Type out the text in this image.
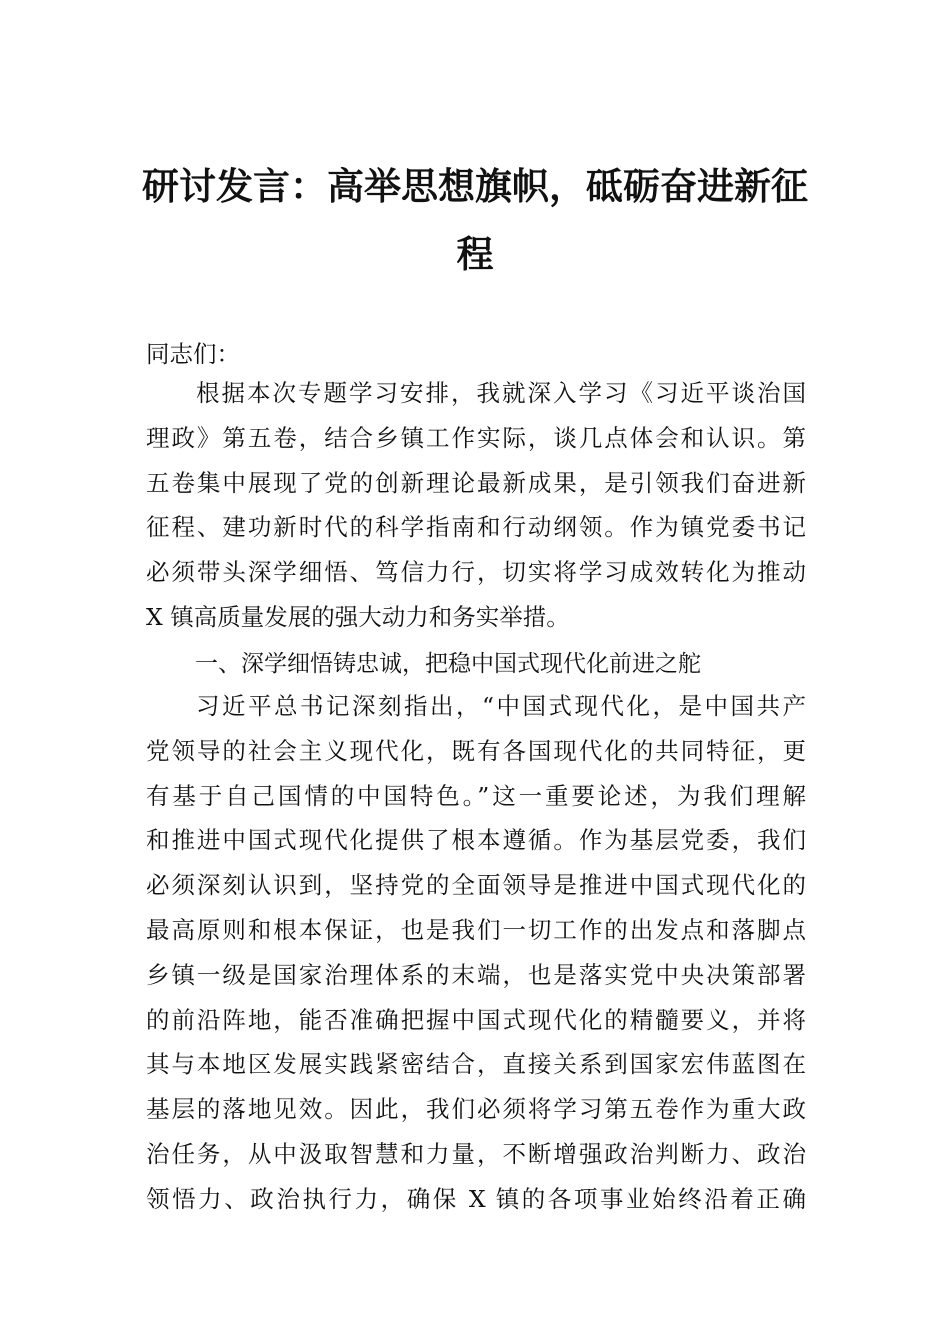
研讨发言：高举思想旗帜，砥砺奋进新征
程
同志们：
根据本次专题学习安排，我就深入学习《习近平谈治国
理政》第五卷，结合乡镇工作实际，谈几点体会和认识。第
五卷集中展现了党的创新理论最新成果，是引领我们奋进新
征程、建功新时代的科学指南和行动纲领。作为镇党委书记
必须带头深学细悟、笃信力行，切实将学习成效转化为推动
X 镇高质量发展的强大动力和务实举措。
一、深学细悟铸忠诚，把稳中国式现代化前进之舵
习近平总书记深刻指出，“中国式现代化，是中国共产
党领导的社会主义现代化，既有各国现代化的共同特征，更
有基于自己国情的中国特色。”这一重要论述，为我们理解
和推进中国式现代化提供了根本遵循。作为基层党委，我们
必须深刻认识到，坚持党的全面领导是推进中国式现代化的
最高原则和根本保证，也是我们一切工作的出发点和落脚点
乡镇一级是国家治理体系的末端，也是落实党中央决策部署
的前沿阵地，能否准确把握中国式现代化的精髓要义，并将
其与本地区发展实践紧密结合，直接关系到国家宏伟蓝图在
基层的落地见效。因此，我们必须将学习第五卷作为重大政
治任务，从中汲取智慧和力量，不断增强政治判断力、政治
领悟力、政治执行力，确保 X 镇的各项事业始终沿着正确
